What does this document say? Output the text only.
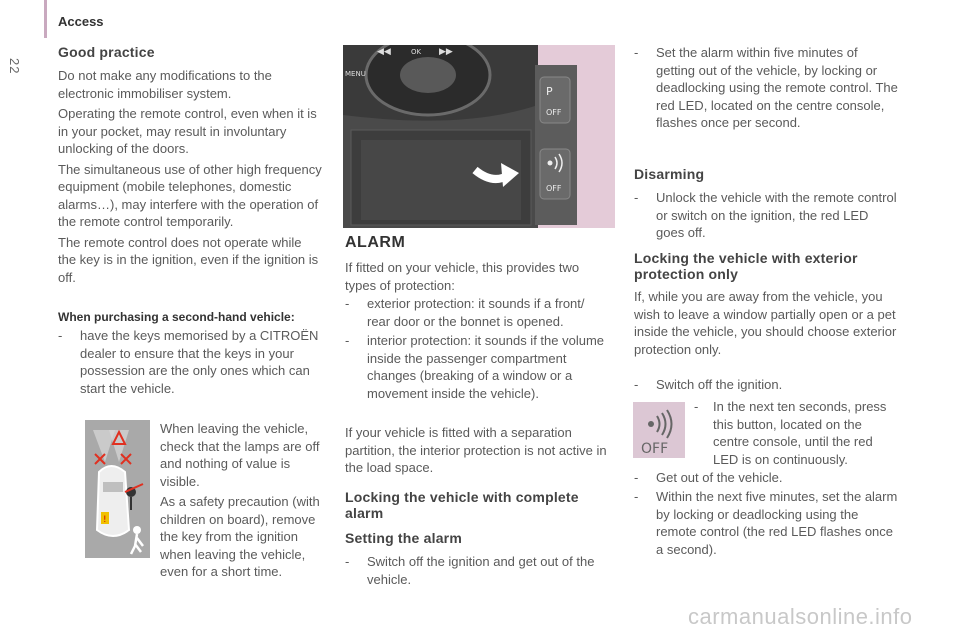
Access
22
Good practice

Do not make any modifications to the electronic immobiliser system.

Operating the remote control, even when it is in your pocket, may result in involuntary unlocking of the doors.

The simultaneous use of other high frequency equipment (mobile telephones, domestic alarms…), may interfere with the operation of the remote control temporarily.

The remote control does not operate while the key is in the ignition, even if the ignition is off.

When purchasing a second-hand vehicle:
-	have the keys memorised by a CITROËN dealer to ensure that the keys in your possession are the only ones which can start the vehicle.
!

When leaving the vehicle, check that the lamps are off and nothing of value is visible.

As a safety precaution (with children on board), remove the key from the ignition when leaving the vehicle, even for a short time.

◀◀	OK ▶▶
MENU
P
OFF
OFF
ALARM

If fitted on your vehicle, this provides two types of protection:

-	exterior protection: it sounds if a front/ rear door or the bonnet is opened.
-	interior protection: it sounds if the volume inside the passenger compartment changes (breaking of a window or a movement inside the vehicle).

If your vehicle is fitted with a separation partition, the interior protection is not active in the load space.

Locking the vehicle with complete alarm
Setting the alarm
-	Switch off the ignition and get out of the vehicle.
-	Set the alarm within five minutes of getting out of the vehicle, by locking or deadlocking using the remote control. The red LED, located on the centre console, flashes once per second.
Disarming
-	Unlock the vehicle with the remote control or switch on the ignition, the red LED goes off.
Locking the vehicle with exterior protection only

If, while you are away from the vehicle, you wish to leave a window partially open or a pet inside the vehicle, you should choose exterior protection only.

-	Switch off the ignition.
OFF
-	In the next ten seconds, press this button, located on the centre console, until the red LED is on continuously.
-	Get out of the vehicle.
-	Within the next five minutes, set the alarm by locking or deadlocking using the remote control (the red LED flashes once a second).
carmanualsonline.info
